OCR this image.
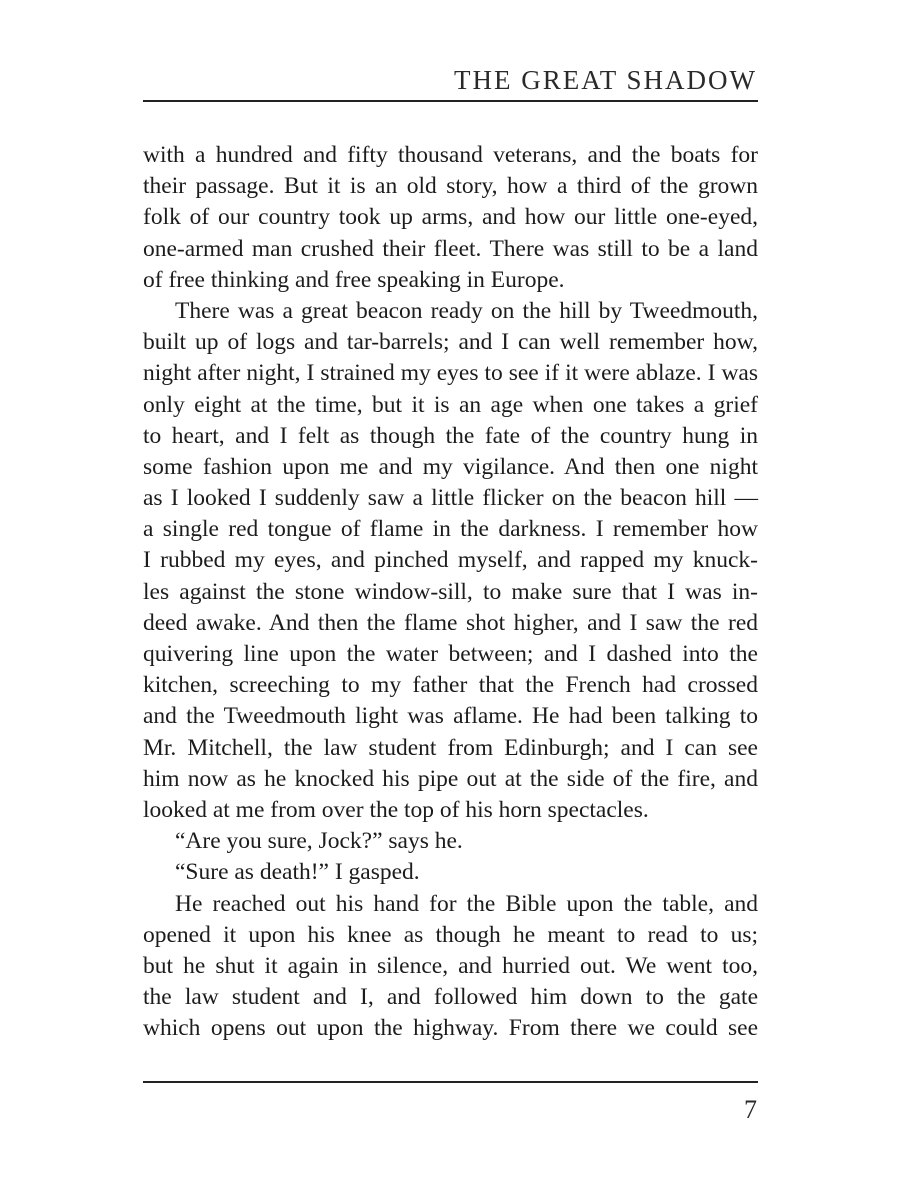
THE GREAT SHADOW
with a hundred and fifty thousand veterans, and the boats for
their passage. But it is an old story, how a third of the grown
folk of our country took up arms, and how our little one-eyed,
one-armed man crushed their fleet. There was still to be a land
of free thinking and free speaking in Europe.
There was a great beacon ready on the hill by Tweedmouth,
built up of logs and tar-barrels; and I can well remember how,
night after night, I strained my eyes to see if it were ablaze. I was
only eight at the time, but it is an age when one takes a grief
to heart, and I felt as though the fate of the country hung in
some fashion upon me and my vigilance. And then one night
as I looked I suddenly saw a little flicker on the beacon hill —
a single red tongue of flame in the darkness. I remember how
I rubbed my eyes, and pinched myself, and rapped my knuck-
les against the stone window-sill, to make sure that I was in-
deed awake. And then the flame shot higher, and I saw the red
quivering line upon the water between; and I dashed into the
kitchen, screeching to my father that the French had crossed
and the Tweedmouth light was aflame. He had been talking to
Mr. Mitchell, the law student from Edinburgh; and I can see
him now as he knocked his pipe out at the side of the fire, and
looked at me from over the top of his horn spectacles.
“Are you sure, Jock?” says he.
“Sure as death!” I gasped.
He reached out his hand for the Bible upon the table, and
opened it upon his knee as though he meant to read to us;
but he shut it again in silence, and hurried out. We went too,
the law student and I, and followed him down to the gate
which opens out upon the highway. From there we could see
7
